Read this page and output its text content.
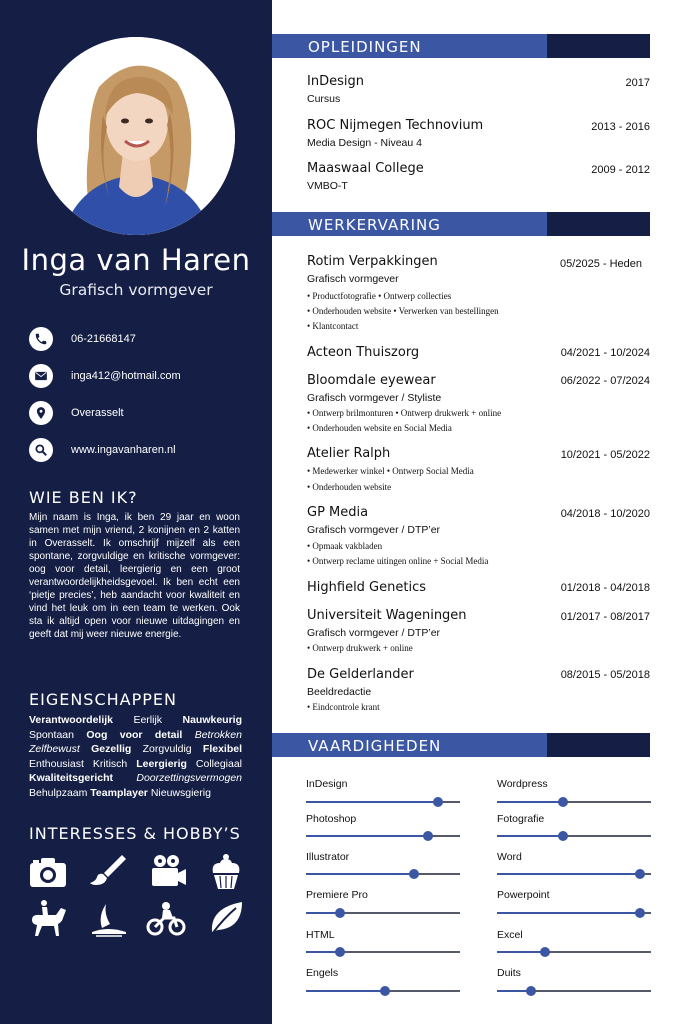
Inga van Haren
Grafisch vormgever
06-21668147
inga412@hotmail.com
Overasselt
www.ingavanharen.nl
WIE BEN IK?
Mijn naam is Inga, ik ben 29 jaar en woon samen met mijn vriend, 2 konijnen en 2 katten in Overasselt. Ik omschrijf mijzelf als een spontane, zorgvuldige en kritische vormgever: oog voor detail, leergierig en een groot verantwoordelijkheidsgevoel. Ik ben echt een ‘pietje precies’, heb aandacht voor kwaliteit en vind het leuk om in een team te werken. Ook sta ik altijd open voor nieuwe uitdagingen en geeft dat mij weer nieuwe energie.
EIGENSCHAPPEN
Verantwoordelijk Eerlijk Nauwkeurig Spontaan Oog voor detail Betrokken Zelfbewust Gezellig Zorgvuldig Flexibel Enthousiast Kritisch Leergierig Collegiaal Kwaliteitsgericht Doorzettingsvermogen Behulpzaam Teamplayer Nieuwsgierig
INTERESSES & HOBBY’S
OPLEIDINGEN
WERKERVARING
VAARDIGHEDEN
InDesign	2017
Cursus
ROC Nijmegen Technovium	2013 - 2016
Media Design - Niveau 4
Maaswaal College	2009 - 2012
VMBO-T
Rotim Verpakkingen	05/2025 - Heden
Grafisch vormgever
• Productfotografie • Ontwerp collecties
• Onderhouden website • Verwerken van bestellingen
• Klantcontact
Acteon Thuiszorg	04/2021 - 10/2024
Bloomdale eyewear	06/2022 - 07/2024
Grafisch vormgever / Styliste
• Ontwerp brilmonturen • Ontwerp drukwerk + online
• Onderhouden website en Social Media
Atelier Ralph	10/2021 - 05/2022
• Medewerker winkel • Ontwerp Social Media
• Onderhouden website
GP Media	04/2018 - 10/2020
Grafisch vormgever / DTP’er
• Opmaak vakbladen
• Ontwerp reclame uitingen online + Social Media
Highfield Genetics	01/2018 - 04/2018
Universiteit Wageningen	01/2017 - 08/2017
Grafisch vormgever / DTP’er
• Ontwerp drukwerk + online
De Gelderlander	08/2015 - 05/2018
Beeldredactie
• Eindcontrole krant
InDesign
Photoshop
Illustrator
Premiere Pro
HTML
Engels
Wordpress
Fotografie
Word
Powerpoint
Excel
Duits
